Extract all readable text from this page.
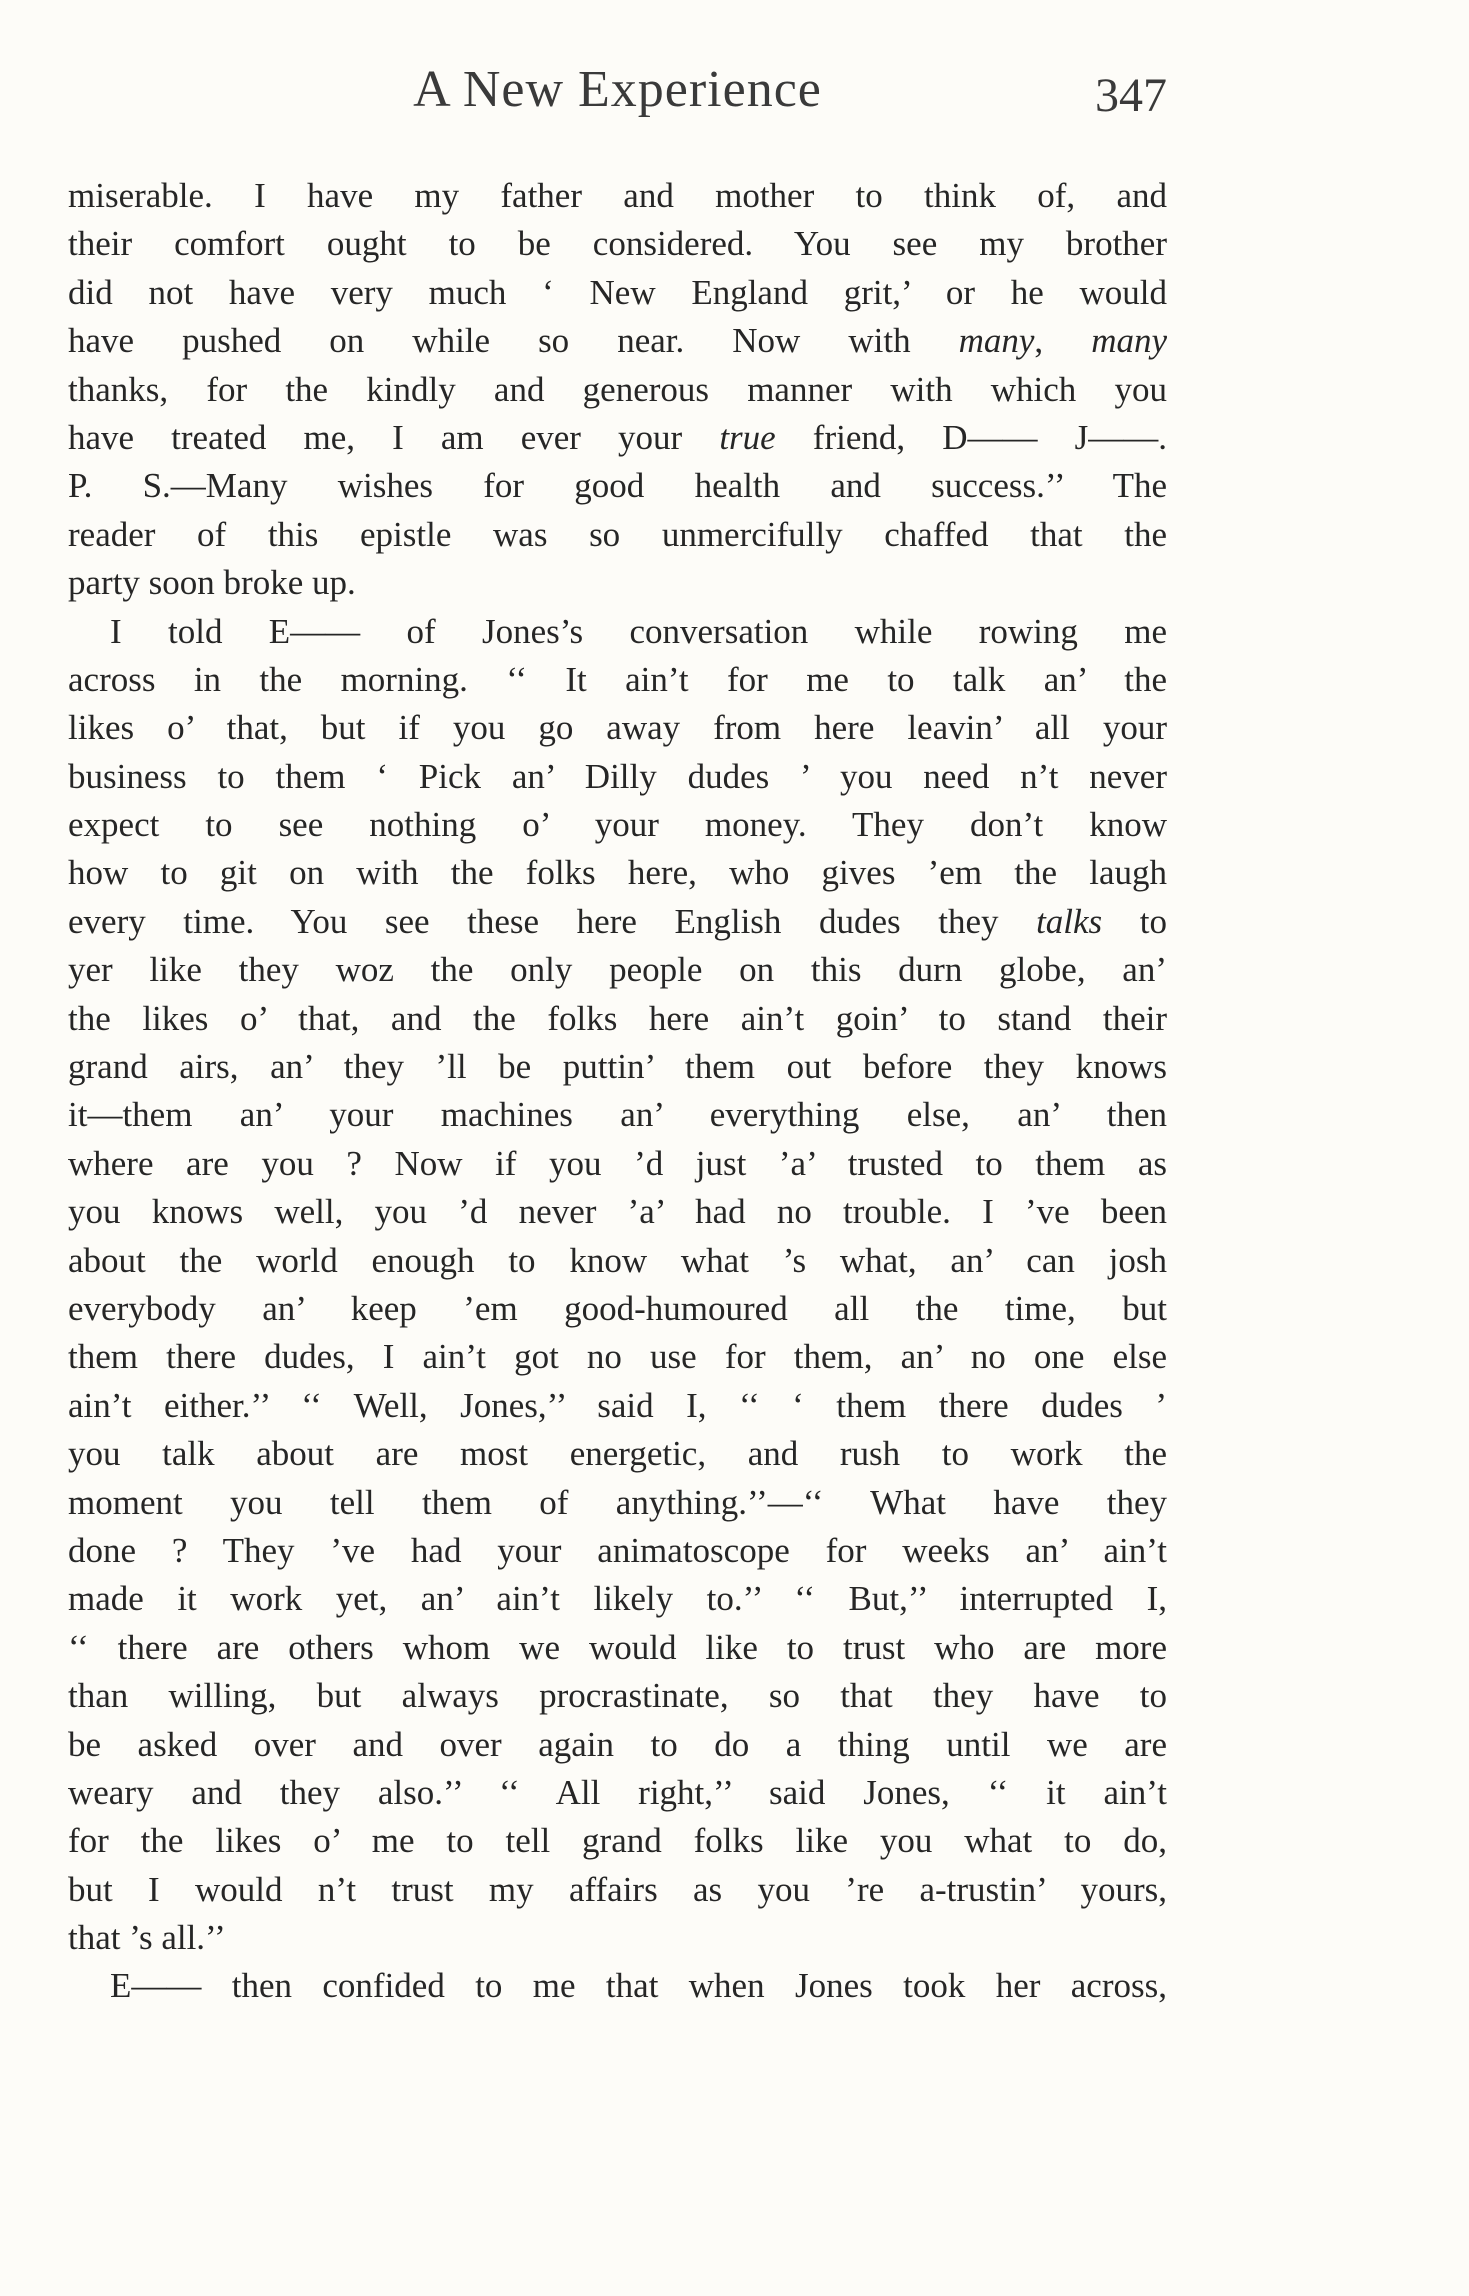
A New Experience	347
miserable. I have my father and mother to think of, and
their comfort ought to be considered. You see my brother
did not have very much ‘ New England grit,’ or he would
have pushed on while so near. Now with many, many
thanks, for the kindly and generous manner with which you
have treated me, I am ever your true friend, D—— J——.
P. S.—Many wishes for good health and success.’’ The
reader of this epistle was so unmercifully chaffed that the
party soon broke up.
I told E—— of Jones’s conversation while rowing me
across in the morning. ‘‘ It ain’t for me to talk an’ the
likes o’ that, but if you go away from here leavin’ all your
business to them ‘ Pick an’ Dilly dudes ’ you need n’t never
expect to see nothing o’ your money. They don’t know
how to git on with the folks here, who gives ’em the laugh
every time. You see these here English dudes they talks to
yer like they woz the only people on this durn globe, an’
the likes o’ that, and the folks here ain’t goin’ to stand their
grand airs, an’ they ’ll be puttin’ them out before they knows
it—them an’ your machines an’ everything else, an’ then
where are you ? Now if you ’d just ’a’ trusted to them as
you knows well, you ’d never ’a’ had no trouble. I ’ve been
about the world enough to know what ’s what, an’ can josh
everybody an’ keep ’em good-humoured all the time, but
them there dudes, I ain’t got no use for them, an’ no one else
ain’t either.’’ ‘‘ Well, Jones,’’ said I, ‘‘ ‘ them there dudes ’
you talk about are most energetic, and rush to work the
moment you tell them of anything.’’—‘‘ What have they
done ? They ’ve had your animatoscope for weeks an’ ain’t
made it work yet, an’ ain’t likely to.’’ ‘‘ But,’’ interrupted I,
‘‘ there are others whom we would like to trust who are more
than willing, but always procrastinate, so that they have to
be asked over and over again to do a thing until we are
weary and they also.’’ ‘‘ All right,’’ said Jones, ‘‘ it ain’t
for the likes o’ me to tell grand folks like you what to do,
but I would n’t trust my affairs as you ’re a-trustin’ yours,
that ’s all.’’
E—— then confided to me that when Jones took her across,
